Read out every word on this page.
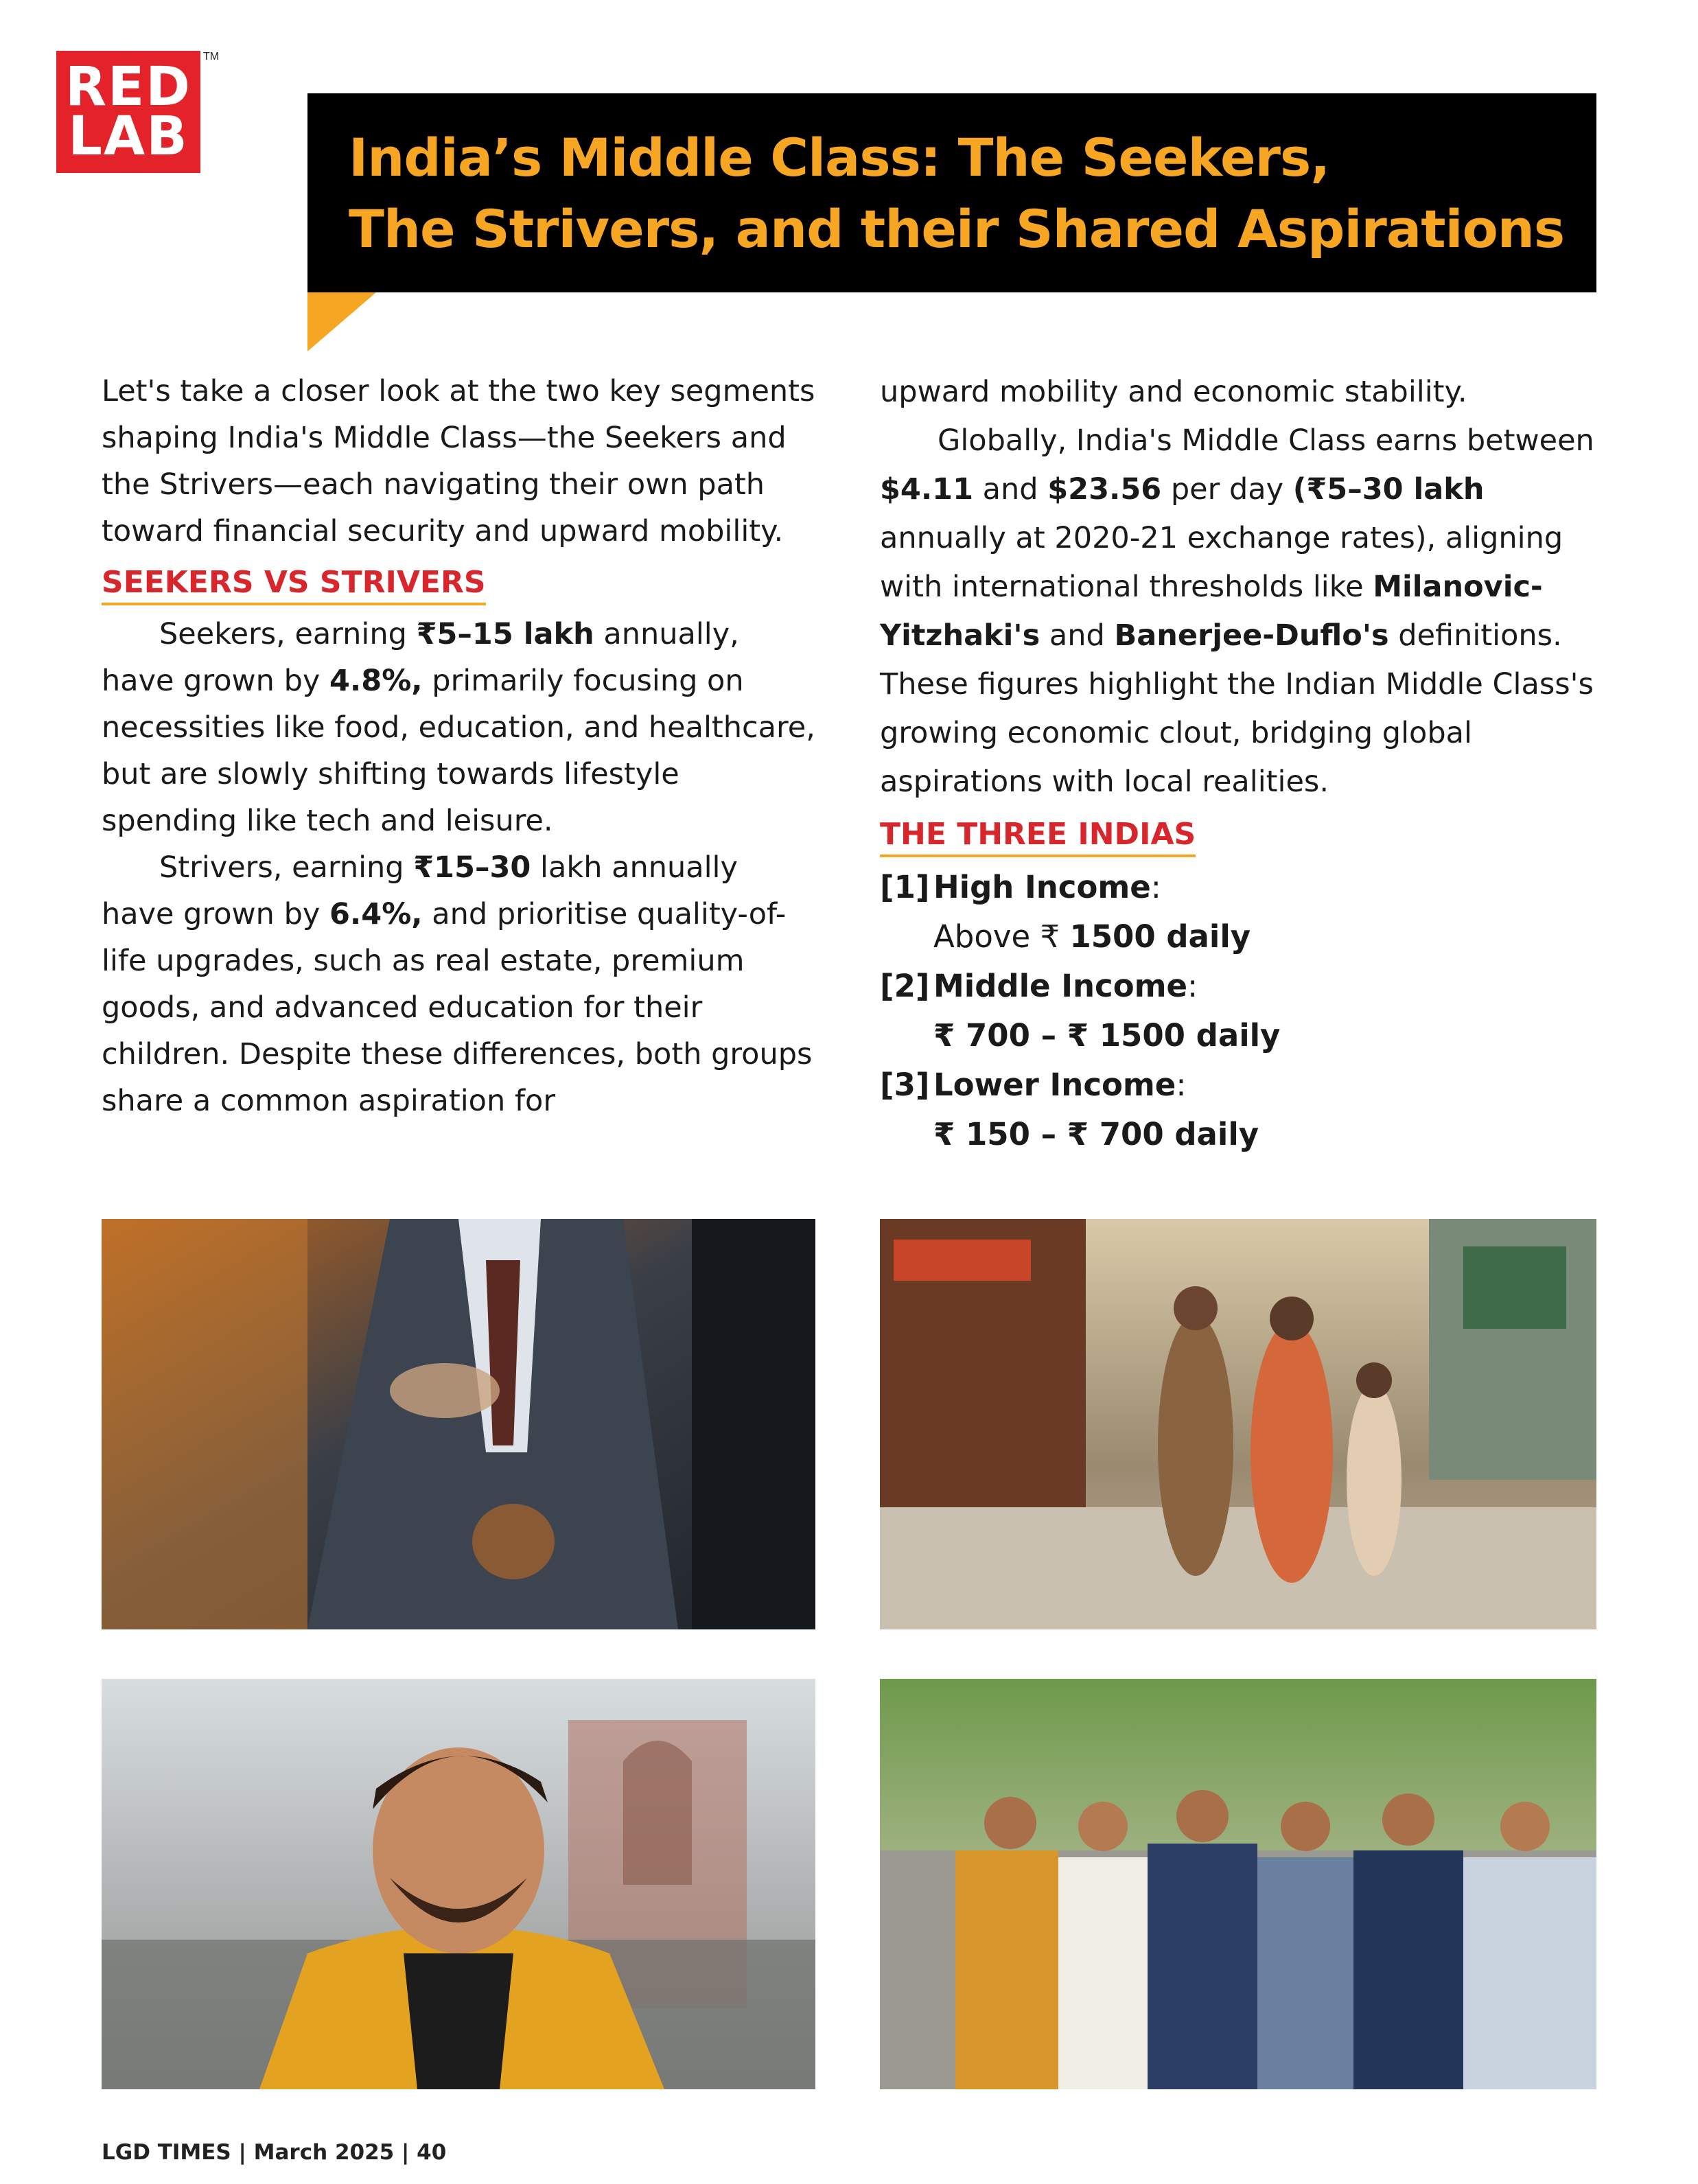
RED
LAB
TM
India’s Middle Class: The Seekers,
The Strivers, and their Shared Aspirations

Let's take a closer look at the two key segments shaping India's Middle Class—the Seekers and the Strivers—each navigating their own path toward financial security and upward mobility.

SEEKERS VS STRIVERS

Seekers, earning ₹5–15 lakh annually, have grown by 4.8%, primarily focusing on necessities like food, education, and healthcare, but are slowly shifting towards lifestyle spending like tech and leisure.

Strivers, earning ₹15–30 lakh annually have grown by 6.4%, and prioritise quality-of-life upgrades, such as real estate, premium goods, and advanced education for their children. Despite these differences, both groups share a common aspiration for

upward mobility and economic stability.

Globally, India's Middle Class earns between $4.11 and $23.56 per day (₹5–30 lakh annually at 2020-21 exchange rates), aligning with international thresholds like Milanovic-Yitzhaki's and Banerjee-Duflo's definitions. These figures highlight the Indian Middle Class's growing economic clout, bridging global aspirations with local realities.

THE THREE INDIAS
[1] High Income:
Above ₹ 1500 daily
[2] Middle Income:
₹ 700 – ₹ 1500 daily
[3] Lower Income:
₹ 150 – ₹ 700 daily
LGD TIMES | March 2025 | 40
